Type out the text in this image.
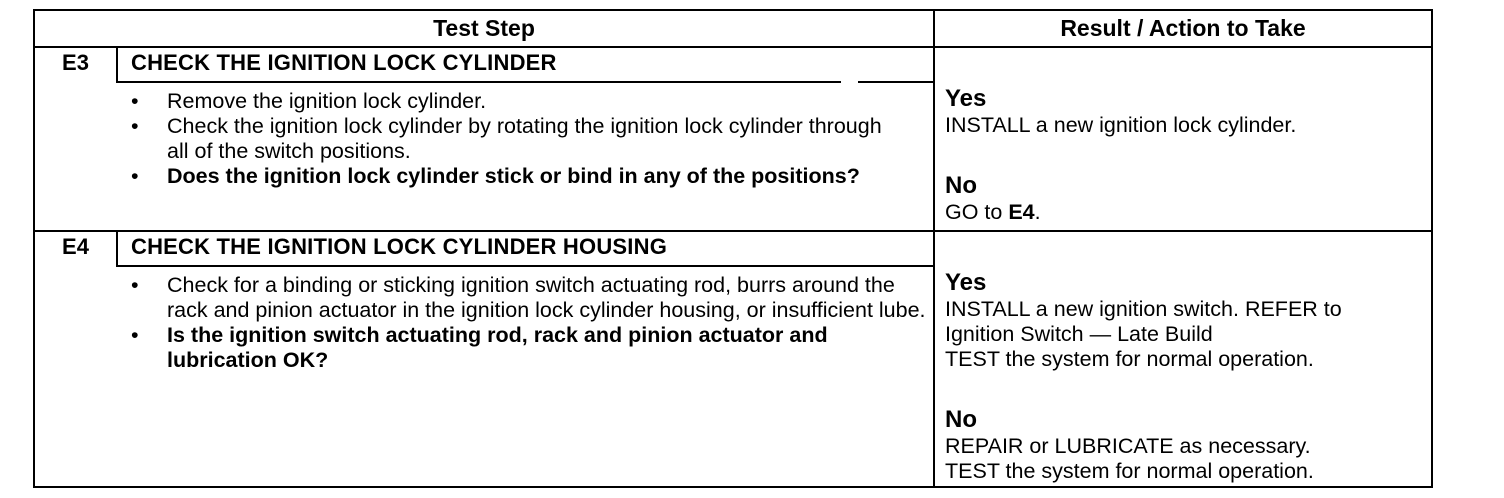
Test Step	Result / Action to Take
E3	CHECK THE IGNITION LOCK CYLINDER
• Remove the ignition lock cylinder.
• Check the ignition lock cylinder by rotating the ignition lock cylinder through all of the switch positions.
• Does the ignition lock cylinder stick or bind in any of the positions?
Yes
INSTALL a new ignition lock cylinder.
No
GO to E4.
E4	CHECK THE IGNITION LOCK CYLINDER HOUSING
• Check for a binding or sticking ignition switch actuating rod, burrs around the rack and pinion actuator in the ignition lock cylinder housing, or insufficient lube.
• Is the ignition switch actuating rod, rack and pinion actuator and lubrication OK?
Yes
INSTALL a new ignition switch. REFER to
Ignition Switch — Late Build
TEST the system for normal operation.
No
REPAIR or LUBRICATE as necessary.
TEST the system for normal operation.
